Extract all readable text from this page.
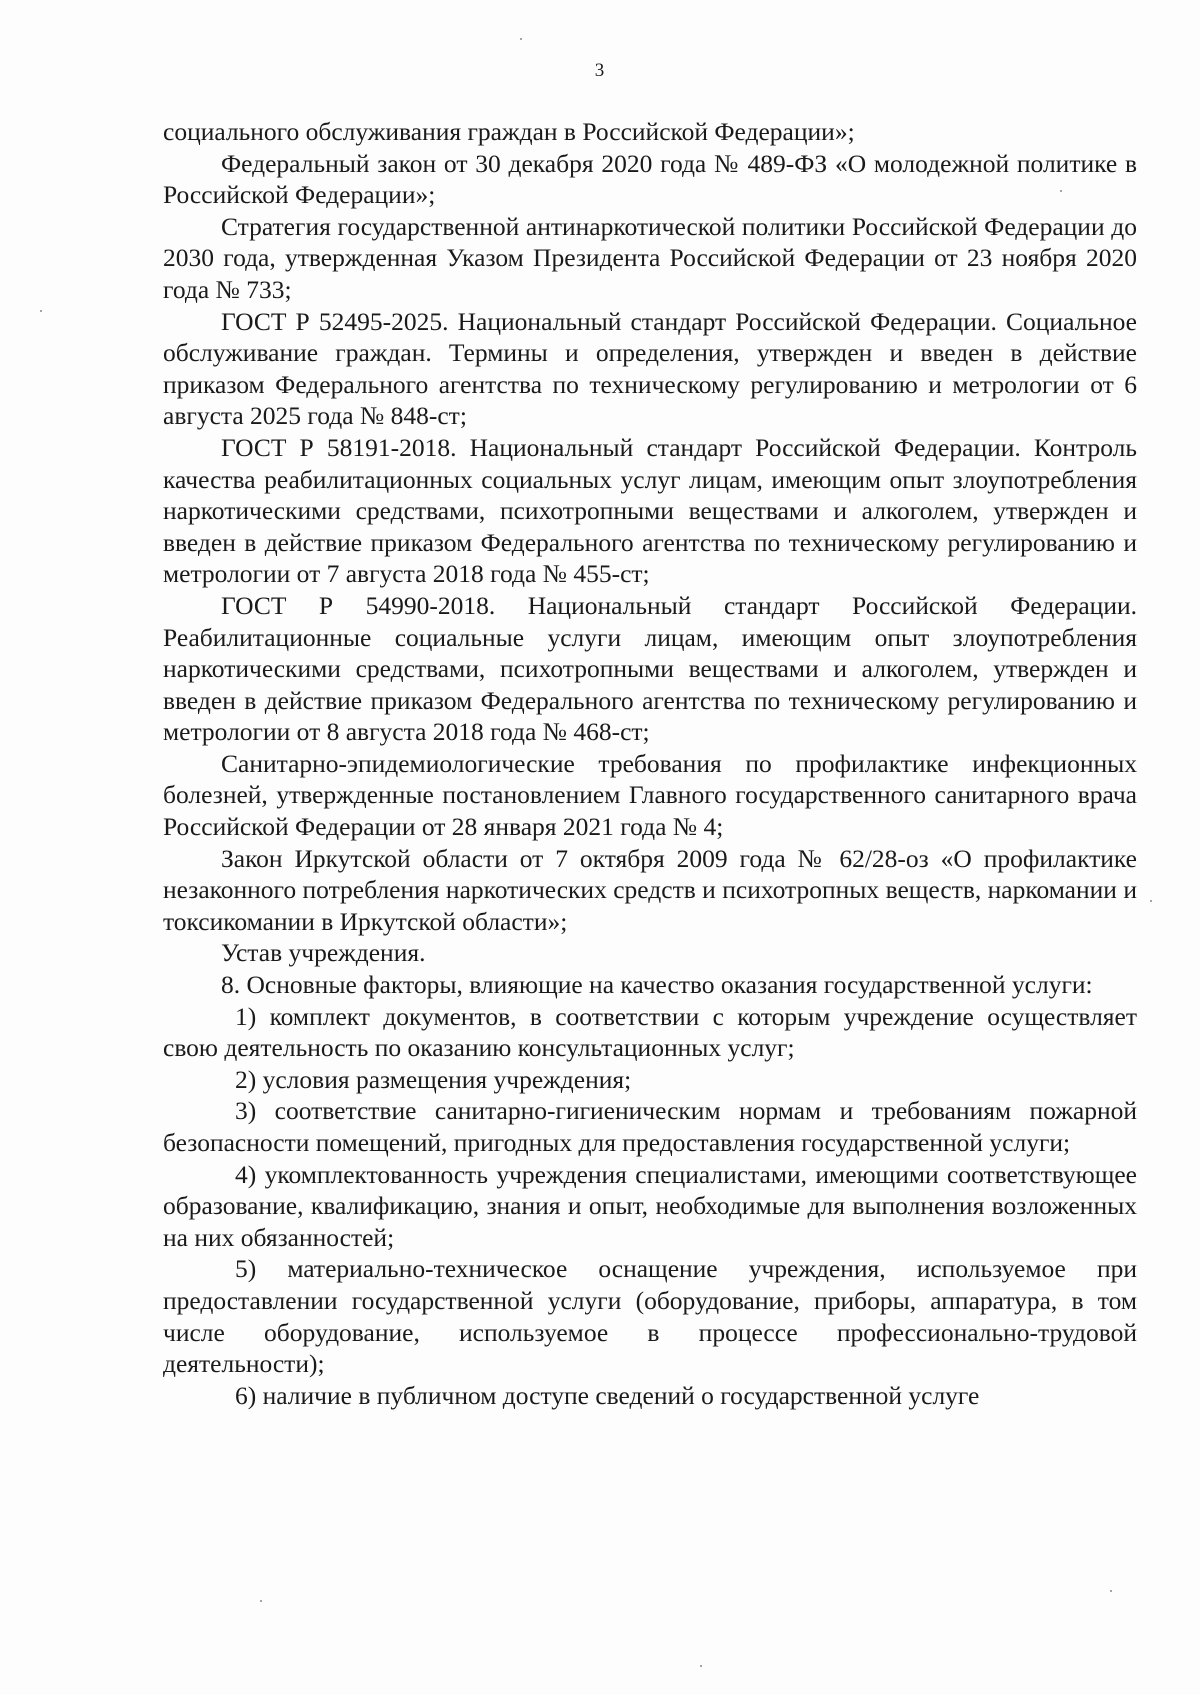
3

социального обслуживания граждан в Российской Федерации»;

Федеральный закон от 30 декабря 2020 года № 489-ФЗ «О молодежной политике в Российской Федерации»;

Стратегия государственной антинаркотической политики Российской Федерации до 2030 года, утвержденная Указом Президента Российской Федерации от 23 ноября 2020 года № 733;

ГОСТ Р 52495-2025. Национальный стандарт Российской Федерации. Социальное обслуживание граждан. Термины и определения, утвержден и введен в действие приказом Федерального агентства по техническому регулированию и метрологии от 6 августа 2025 года № 848-ст;

ГОСТ Р 58191-2018. Национальный стандарт Российской Федерации. Контроль качества реабилитационных социальных услуг лицам, имеющим опыт злоупотребления наркотическими средствами, психотропными веществами и алкоголем, утвержден и введен в действие приказом Федерального агентства по техническому регулированию и метрологии от 7 августа 2018 года № 455-ст;

ГОСТ Р 54990-2018. Национальный стандарт Российской Федерации. Реабилитационные социальные услуги лицам, имеющим опыт злоупотребления наркотическими средствами, психотропными веществами и алкоголем, утвержден и введен в действие приказом Федерального агентства по техническому регулированию и метрологии от 8 августа 2018 года № 468-ст;

Санитарно-эпидемиологические требования по профилактике инфекционных болезней, утвержденные постановлением Главного государственного санитарного врача Российской Федерации от 28 января 2021 года № 4;

Закон Иркутской области от 7 октября 2009 года № 62/28-оз «О профилактике незаконного потребления наркотических средств и психотропных веществ, наркомании и токсикомании в Иркутской области»;

Устав учреждения.

8. Основные факторы, влияющие на качество оказания государственной услуги:

1) комплект документов, в соответствии с которым учреждение осуществляет свою деятельность по оказанию консультационных услуг;

2) условия размещения учреждения;

3) соответствие санитарно-гигиеническим нормам и требованиям пожарной безопасности помещений, пригодных для предоставления государственной услуги;

4) укомплектованность учреждения специалистами, имеющими соответствующее образование, квалификацию, знания и опыт, необходимые для выполнения возложенных на них обязанностей;

5) материально-техническое оснащение учреждения, используемое при предоставлении государственной услуги (оборудование, приборы, аппаратура, в том числе оборудование, используемое в процессе профессионально-трудовой деятельности);

6) наличие в публичном доступе сведений о государственной услуге
